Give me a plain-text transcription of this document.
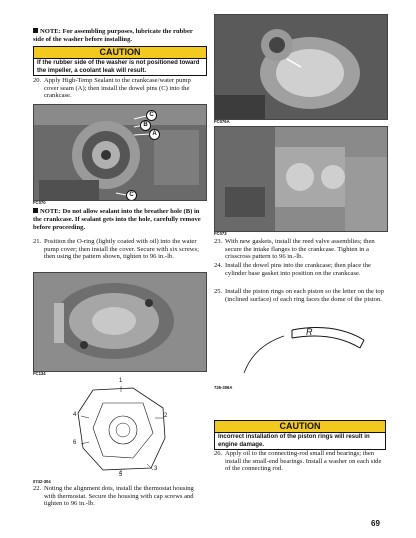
NOTE: For assembling purposes, lubricate the rubber side of the washer before installing.
CAUTION
If the rubber side of the washer is not positioned toward the impeller, a coolant leak will result.
20. Apply High-Temp Sealant to the crankcase/water pump cover seam (A); then install the dowel pins (C) into the crankcase.
C
B
A
C
FC070
NOTE: Do not allow sealant into the breather hole (B) in the crankcase. If sealant gets into the hole, carefully remove before proceeding.
21. Position the O-ring (lightly coated with oil) into the water pump cover; then install the cover. Secure with six screws; then using the pattern shown, tighten to 96 in.-lb.
FC134
1
2
3
4
5
6
0742-304
22. Noting the alignment dots, install the thermostat housing with thermostat. Secure the housing with cap screws and tighten to 96 in.-lb.
FC076A
FC073
23. With new gaskets, install the reed valve assemblies; then secure the intake flanges to the crankcase. Tighten in a crisscross pattern to 96 in.-lb.
24. Install the dowel pins into the crankcase; then place the cylinder base gasket into position on the crankcase.
25. Install the piston rings on each piston so the letter on the top (inclined surface) of each ring faces the dome of the piston.
R
726-306A
CAUTION
Incorrect installation of the piston rings will result in engine damage.
26. Apply oil to the connecting-rod small end bearings; then install the small-end bearings. Install a washer on each side of the connecting rod.
69
